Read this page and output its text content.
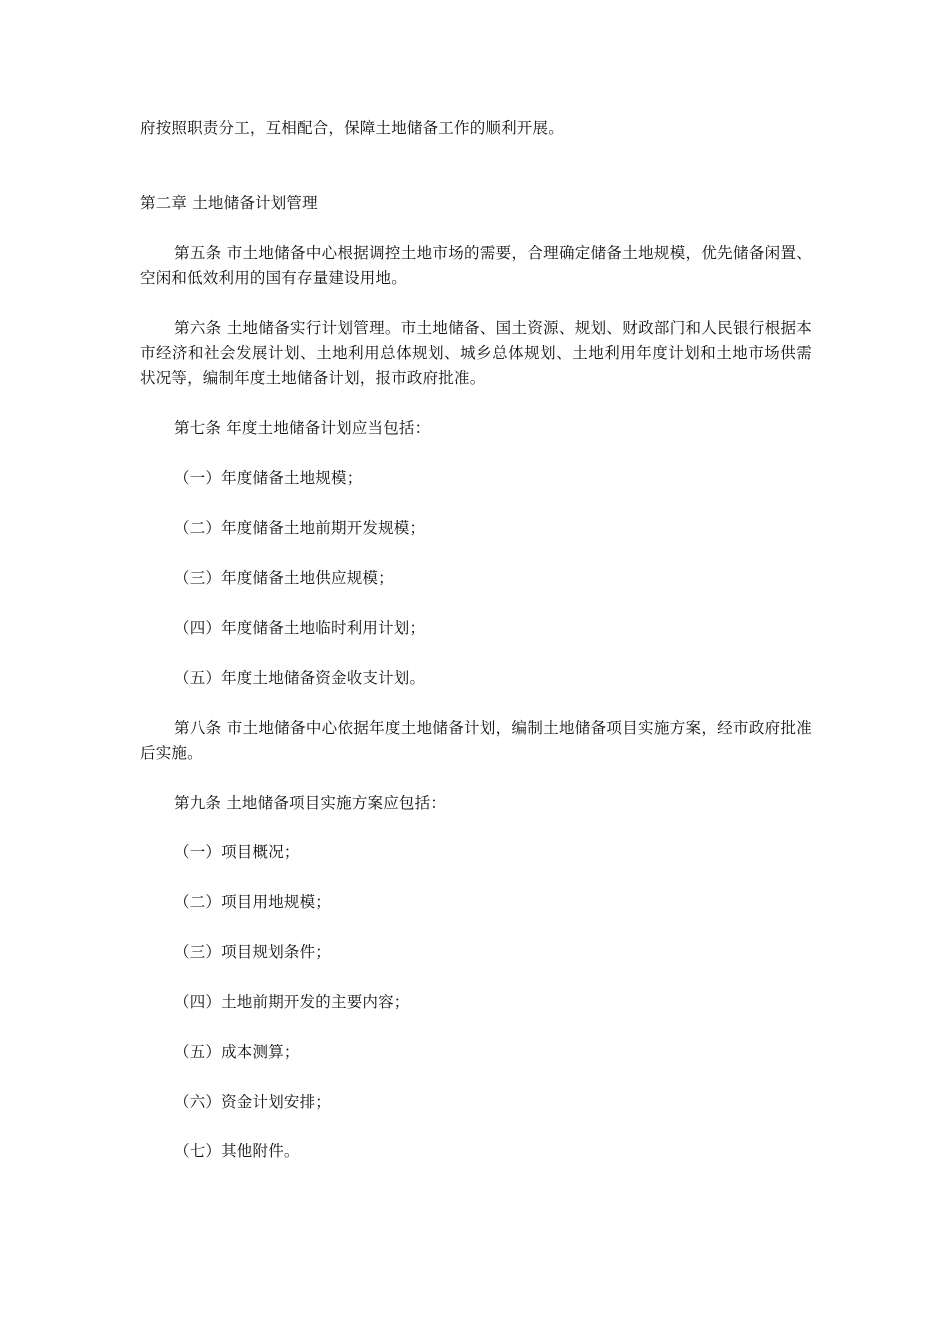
府按照职责分工，互相配合，保障土地储备工作的顺利开展。

第二章 土地储备计划管理

第五条 市土地储备中心根据调控土地市场的需要，合理确定储备土地规模，优先储备闲置、空闲和低效利用的国有存量建设用地。

第六条 土地储备实行计划管理。市土地储备、国土资源、规划、财政部门和人民银行根据本市经济和社会发展计划、土地利用总体规划、城乡总体规划、土地利用年度计划和土地市场供需状况等，编制年度土地储备计划，报市政府批准。

第七条 年度土地储备计划应当包括：

（一）年度储备土地规模；

（二）年度储备土地前期开发规模；

（三）年度储备土地供应规模；

（四）年度储备土地临时利用计划；

（五）年度土地储备资金收支计划。

第八条 市土地储备中心依据年度土地储备计划，编制土地储备项目实施方案，经市政府批准后实施。

第九条 土地储备项目实施方案应包括：

（一）项目概况；

（二）项目用地规模；

（三）项目规划条件；

（四）土地前期开发的主要内容；

（五）成本测算；

（六）资金计划安排；

（七）其他附件。
